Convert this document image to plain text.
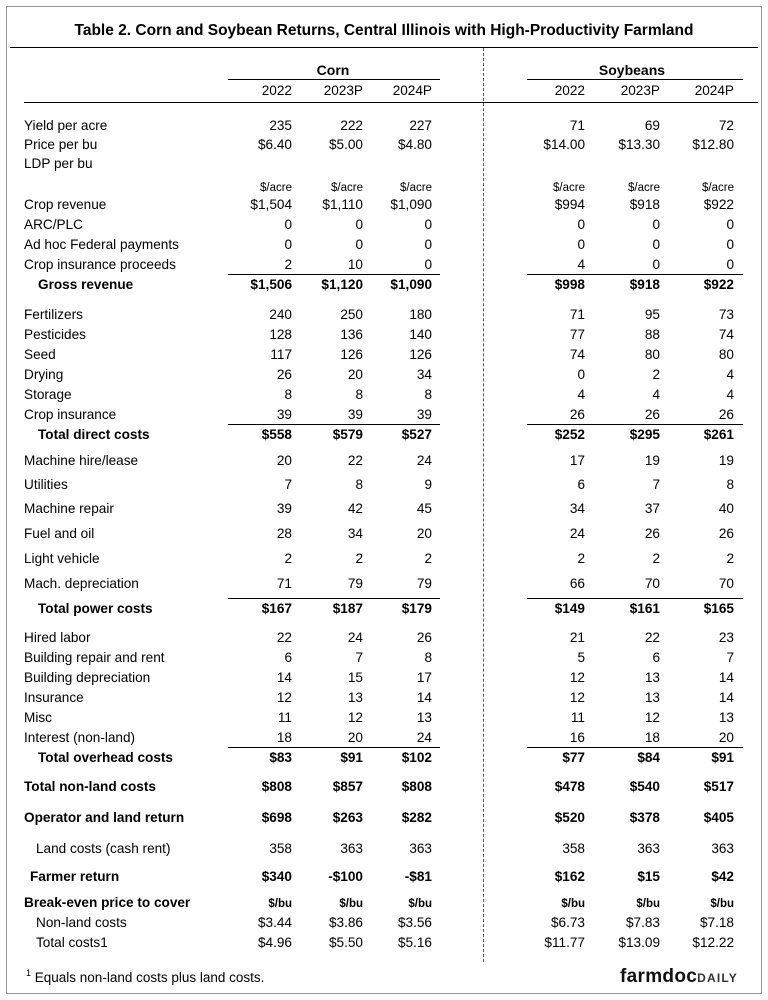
Table 2. Corn and Soybean Returns, Central Illinois with High-Productivity Farmland
Corn	Soybeans
2022	2023P	2024P	2022	2023P	2024P
Yield per acre	235	222	227	71	69	72
Price per bu	$6.40	$5.00	$4.80	$14.00	$13.30	$12.80
LDP per bu
$/acre	$/acre	$/acre	$/acre	$/acre	$/acre
Crop revenue	$1,504	$1,110	$1,090	$994	$918	$922
ARC/PLC	0	0	0	0	0	0
Ad hoc Federal payments	0	0	0	0	0	0
Crop insurance proceeds	2	10	0	4	0	0
Gross revenue	$1,506	$1,120	$1,090	$998	$918	$922
Fertilizers	240	250	180	71	95	73
Pesticides	128	136	140	77	88	74
Seed	117	126	126	74	80	80
Drying	26	20	34	0	2	4
Storage	8	8	8	4	4	4
Crop insurance	39	39	39	26	26	26
Total direct costs	$558	$579	$527	$252	$295	$261
Machine hire/lease	20	22	24	17	19	19
Utilities	7	8	9	6	7	8
Machine repair	39	42	45	34	37	40
Fuel and oil	28	34	20	24	26	26
Light vehicle	2	2	2	2	2	2
Mach. depreciation	71	79	79	66	70	70
Total power costs	$167	$187	$179	$149	$161	$165
Hired labor	22	24	26	21	22	23
Building repair and rent	6	7	8	5	6	7
Building depreciation	14	15	17	12	13	14
Insurance	12	13	14	12	13	14
Misc	11	12	13	11	12	13
Interest (non-land)	18	20	24	16	18	20
Total overhead costs	$83	$91	$102	$77	$84	$91
Total non-land costs	$808	$857	$808	$478	$540	$517
Operator and land return	$698	$263	$282	$520	$378	$405
Land costs (cash rent)	358	363	363	358	363	363
Farmer return	$340	-$100	-$81	$162	$15	$42
Break-even price to cover	$/bu	$/bu	$/bu	$/bu	$/bu	$/bu
Non-land costs	$3.44	$3.86	$3.56	$6.73	$7.83	$7.18
Total costs1	$4.96	$5.50	$5.16	$11.77	$13.09	$12.22
$^1$ Equals non-land costs plus land costs.	farmdocDAILY
